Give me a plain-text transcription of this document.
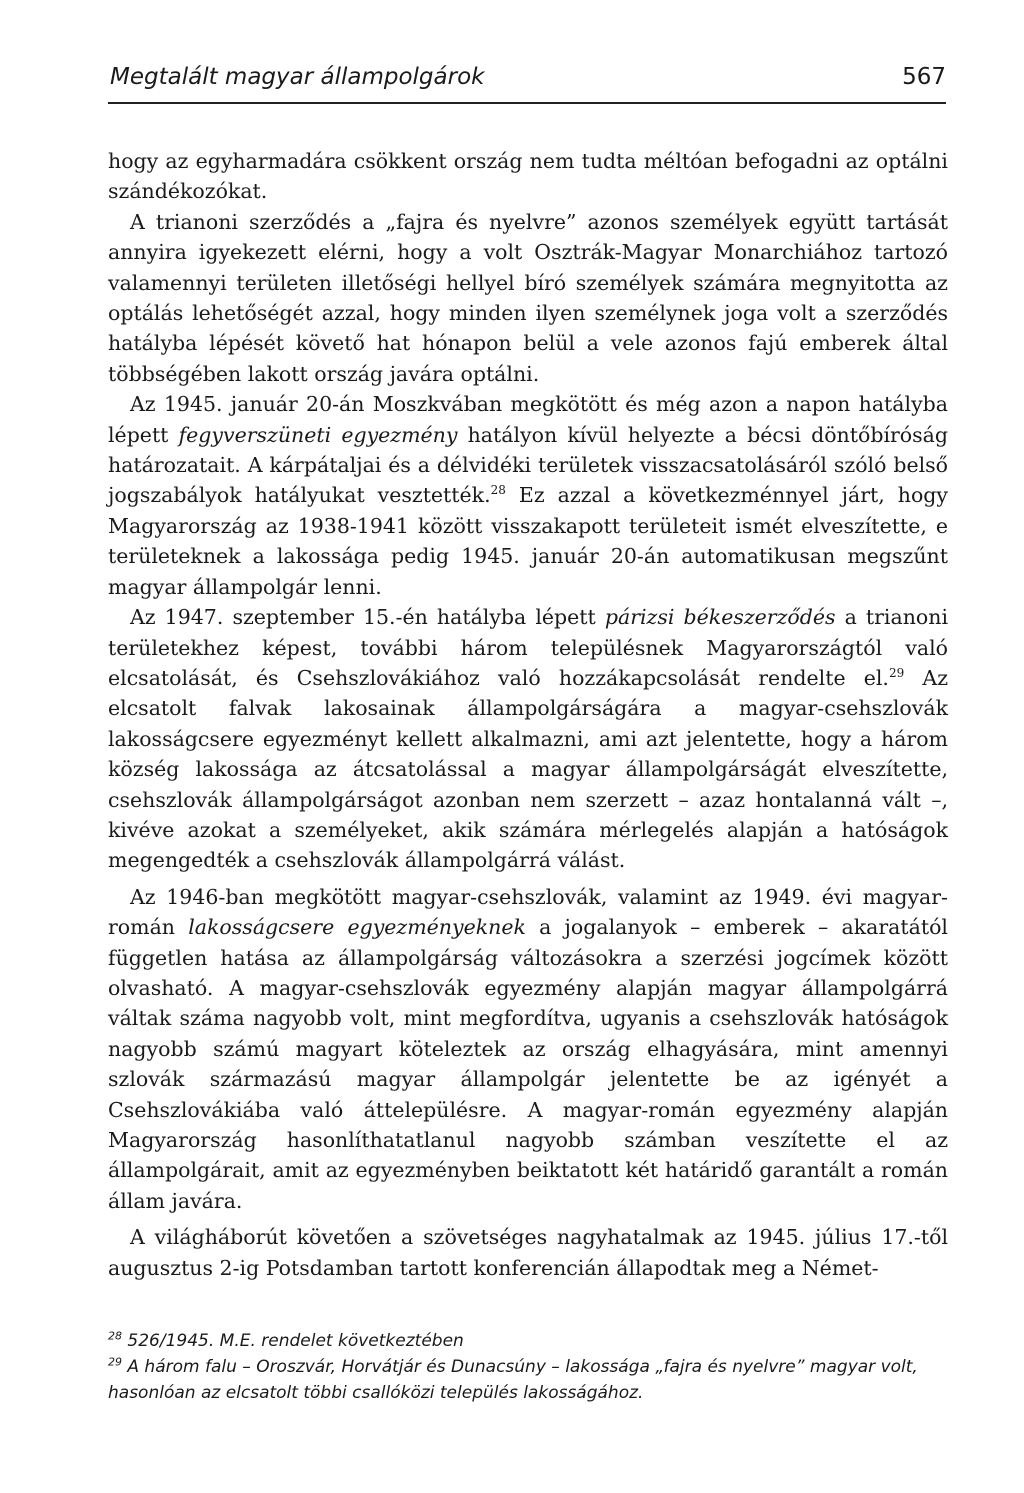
Megtalált magyar állampolgárok	567

hogy az egyharmadára csökkent ország nem tudta méltóan befogadni az optálni szándékozókat.

A trianoni szerződés a „fajra és nyelvre” azonos személyek együtt tartását annyira igyekezett elérni, hogy a volt Osztrák-Magyar Monarchiához tartozó valamennyi területen illetőségi hellyel bíró személyek számára megnyitotta az optálás lehetőségét azzal, hogy minden ilyen személynek joga volt a szerződés hatályba lépését követő hat hónapon belül a vele azonos fajú emberek által többségében lakott ország javára optálni.

Az 1945. január 20-án Moszkvában megkötött és még azon a napon hatályba lépett fegyverszüneti egyezmény hatályon kívül helyezte a bécsi döntőbíróság határozatait. A kárpátaljai és a délvidéki területek visszacsatolásáról szóló belső jogszabályok hatályukat vesztették.$^{28}$ Ez azzal a következménnyel járt, hogy Magyarország az 1938-1941 között visszakapott területeit ismét elveszítette, e területeknek a lakossága pedig 1945. január 20-án automatikusan megszűnt magyar állampolgár lenni.

Az 1947. szeptember 15.-én hatályba lépett párizsi békeszerződés a trianoni területekhez képest, további három településnek Magyarországtól való elcsatolását, és Csehszlovákiához való hozzákapcsolását rendelte el.$^{29}$ Az elcsatolt falvak lakosainak állampolgárságára a magyar-csehszlovák lakosságcsere egyezményt kellett alkalmazni, ami azt jelentette, hogy a három község lakossága az átcsatolással a magyar állampolgárságát elveszítette, csehszlovák állampolgárságot azonban nem szerzett – azaz hontalanná vált –, kivéve azokat a személyeket, akik számára mérlegelés alapján a hatóságok megengedték a csehszlovák állampolgárrá válást.

Az 1946-ban megkötött magyar-csehszlovák, valamint az 1949. évi magyar-román lakosságcsere egyezményeknek a jogalanyok – emberek – akaratától független hatása az állampolgárság változásokra a szerzési jogcímek között olvasható. A magyar-csehszlovák egyezmény alapján magyar állampolgárrá váltak száma nagyobb volt, mint megfordítva, ugyanis a csehszlovák hatóságok nagyobb számú magyart köteleztek az ország elhagyására, mint amennyi szlovák származású magyar állampolgár jelentette be az igényét a Csehszlovákiába való áttelepülésre. A magyar-román egyezmény alapján Magyarország hasonlíthatatlanul nagyobb számban veszítette el az állampolgárait, amit az egyezményben beiktatott két határidő garantált a román állam javára.

A világháborút követően a szövetséges nagyhatalmak az 1945. július 17.-től augusztus 2-ig Potsdamban tartott konferencián állapodtak meg a Német-

$^{28}$ 526/1945. M.E. rendelet következtében

$^{29}$ A három falu – Oroszvár, Horvátjár és Dunacsúny – lakossága „fajra és nyelvre” magyar volt, hasonlóan az elcsatolt többi csallóközi település lakosságához.
